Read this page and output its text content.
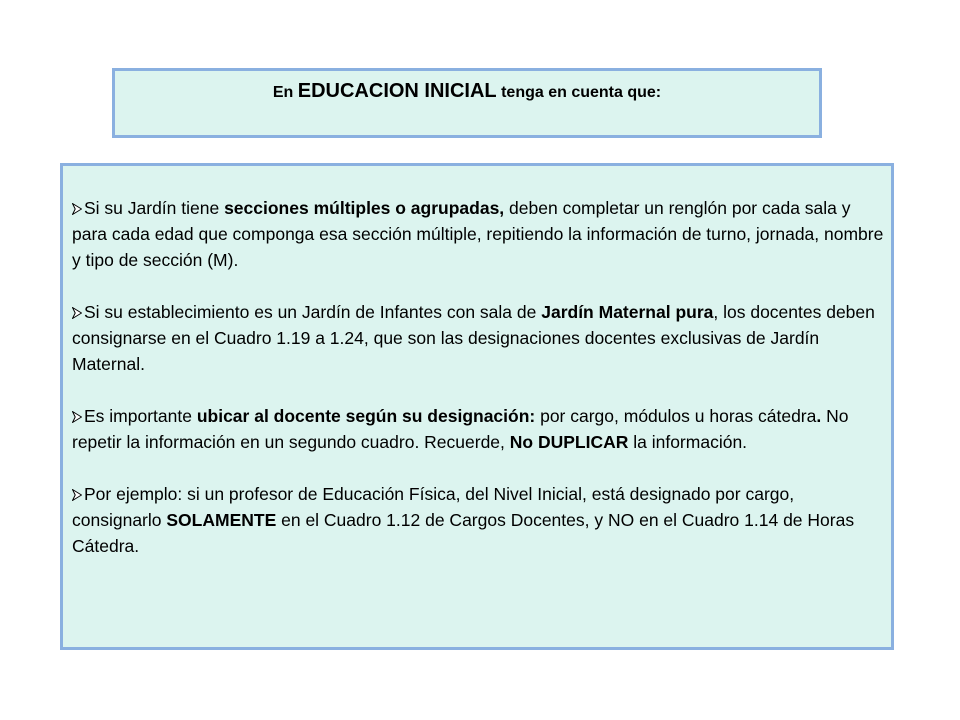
En EDUCACION INICIAL tenga en cuenta que:

Si su Jardín tiene secciones múltiples o agrupadas, deben completar un renglón por cada sala y para cada edad que componga esa sección múltiple, repitiendo la información de turno, jornada, nombre y tipo de sección (M).

Si su establecimiento es un Jardín de Infantes con sala de Jardín Maternal pura, los docentes deben consignarse en el Cuadro 1.19 a 1.24, que son las designaciones docentes exclusivas de Jardín Maternal.

Es importante ubicar al docente según su designación: por cargo, módulos u horas cátedra. No repetir la información en un segundo cuadro. Recuerde, No DUPLICAR la información.

Por ejemplo: si un profesor de Educación Física, del Nivel Inicial, está designado por cargo, consignarlo SOLAMENTE en el Cuadro 1.12 de Cargos Docentes, y NO en el Cuadro 1.14 de Horas Cátedra.
